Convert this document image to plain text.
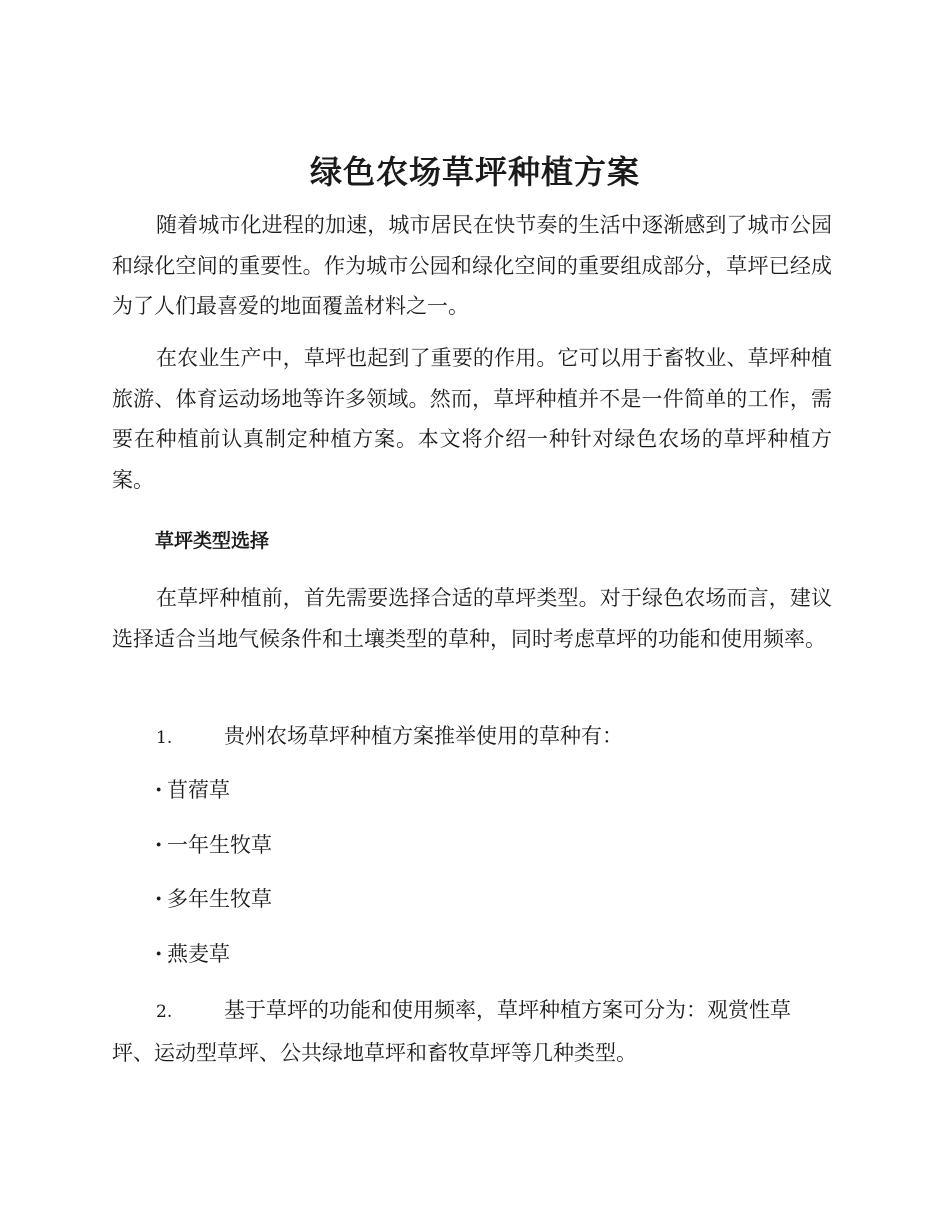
绿色农场草坪种植方案

随着城市化进程的加速，城市居民在快节奏的生活中逐渐感到了城市公园和绿化空间的重要性。作为城市公园和绿化空间的重要组成部分，草坪已经成为了人们最喜爱的地面覆盖材料之一。

在农业生产中，草坪也起到了重要的作用。它可以用于畜牧业、草坪种植旅游、体育运动场地等许多领域。然而，草坪种植并不是一件简单的工作，需要在种植前认真制定种植方案。本文将介绍一种针对绿色农场的草坪种植方案。

草坪类型选择

在草坪种植前，首先需要选择合适的草坪类型。对于绿色农场而言，建议选择适合当地气候条件和土壤类型的草种，同时考虑草坪的功能和使用频率。

1. 贵州农场草坪种植方案推举使用的草种有：
· 苜蓿草
· 一年生牧草
· 多年生牧草
· 燕麦草
2. 基于草坪的功能和使用频率，草坪种植方案可分为：观赏性草坪、运动型草坪、公共绿地草坪和畜牧草坪等几种类型。
